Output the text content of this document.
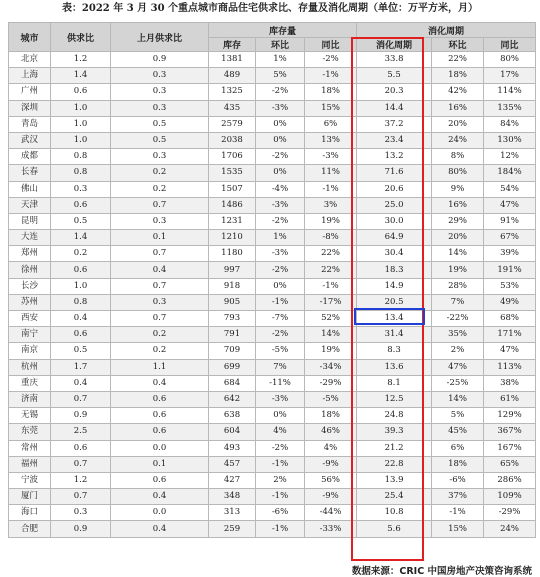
表：2022 年 3 月 30 个重点城市商品住宅供求比、存量及消化周期（单位：万平方米，月）
城市	供求比	上月供求比	库存量			消化周期		
			库存	环比	同比	消化周期	环比	同比
北京	1.2	0.9	1381	1%	-2%	33.8	22%	80%
上海	1.4	0.3	489	5%	-1%	5.5	18%	17%
广州	0.6	0.3	1325	-2%	18%	20.3	42%	114%
深圳	1.0	0.3	435	-3%	15%	14.4	16%	135%
青岛	1.0	0.5	2579	0%	6%	37.2	20%	84%
武汉	1.0	0.5	2038	0%	13%	23.4	24%	130%
成都	0.8	0.3	1706	-2%	-3%	13.2	8%	12%
长春	0.8	0.2	1535	0%	11%	71.6	80%	184%
佛山	0.3	0.2	1507	-4%	-1%	20.6	9%	54%
天津	0.6	0.7	1486	-3%	3%	25.0	16%	47%
昆明	0.5	0.3	1231	-2%	19%	30.0	29%	91%
大连	1.4	0.1	1210	1%	-8%	64.9	20%	67%
郑州	0.2	0.7	1180	-3%	22%	30.4	14%	39%
徐州	0.6	0.4	997	-2%	22%	18.3	19%	191%
长沙	1.0	0.7	918	0%	-1%	14.9	28%	53%
苏州	0.8	0.3	905	-1%	-17%	20.5	7%	49%
西安	0.4	0.7	793	-7%	52%	13.4	-22%	68%
南宁	0.6	0.2	791	-2%	14%	31.4	35%	171%
南京	0.5	0.2	709	-5%	19%	8.3	2%	47%
杭州	1.7	1.1	699	7%	-34%	13.6	47%	113%
重庆	0.4	0.4	684	-11%	-29%	8.1	-25%	38%
济南	0.7	0.6	642	-3%	-5%	12.5	14%	61%
无锡	0.9	0.6	638	0%	18%	24.8	5%	129%
东莞	2.5	0.6	604	4%	46%	39.3	45%	367%
常州	0.6	0.0	493	-2%	4%	21.2	6%	167%
福州	0.7	0.1	457	-1%	-9%	22.8	18%	65%
宁波	1.2	0.6	427	2%	56%	13.9	-6%	286%
厦门	0.7	0.4	348	-1%	-9%	25.4	37%	109%
海口	0.3	0.0	313	-6%	-44%	10.8	-1%	-29%
合肥	0.9	0.4	259	-1%	-33%	5.6	15%	24%
数据来源：CRIC 中国房地产决策咨询系统
